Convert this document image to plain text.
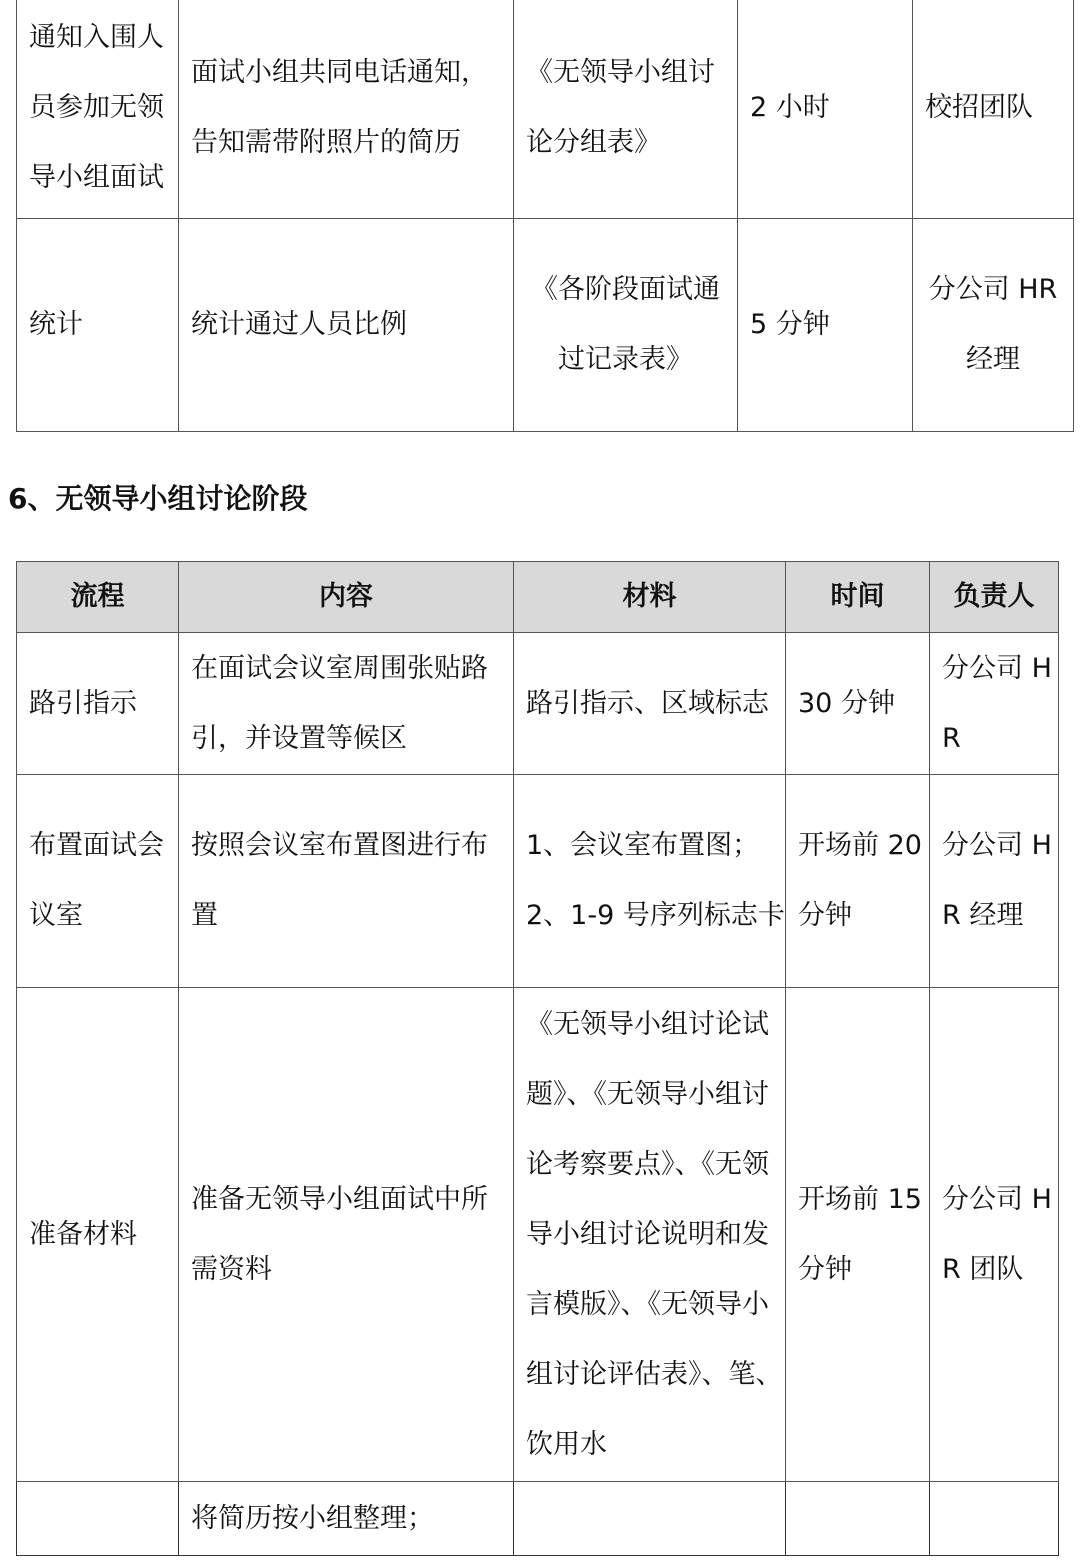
通知入围人员参加无领导小组面试	面试小组共同电话通知，告知需带附照片的简历	《无领导小组讨论分组表》	2 小时	校招团队
统计	统计通过人员比例	《各阶段面试通过记录表》	5 分钟	分公司 HR 经理
6、无领导小组讨论阶段
流程	内容	材料	时间	负责人
路引指示	在面试会议室周围张贴路引，并设置等候区	路引指示、区域标志	30 分钟	分公司 HR
布置面试会议室	按照会议室布置图进行布置	1、会议室布置图；2、1-9 号序列标志卡	开场前 20 分钟	分公司 HR 经理
准备材料	准备无领导小组面试中所需资料	《无领导小组讨论试题》、《无领导小组讨论考察要点》、《无领导小组讨论说明和发言模版》、《无领导小组讨论评估表》、笔、饮用水	开场前 15 分钟	分公司 HR 团队
	将简历按小组整理；			
